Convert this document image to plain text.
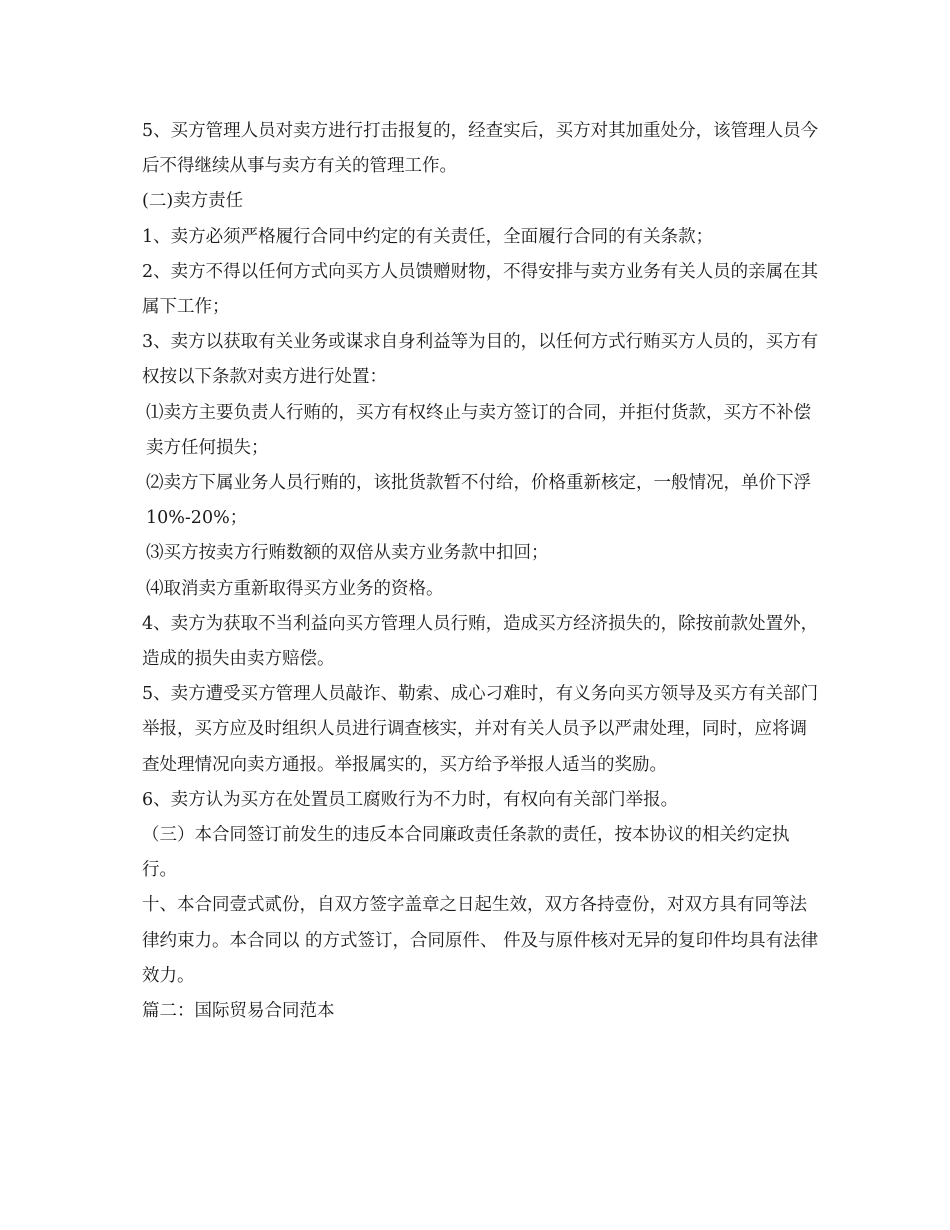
5、买方管理人员对卖方进行打击报复的，经查实后，买方对其加重处分，该管理人员今后不得继续从事与卖方有关的管理工作。

(二)卖方责任

1、卖方必须严格履行合同中约定的有关责任，全面履行合同的有关条款；

2、卖方不得以任何方式向买方人员馈赠财物，不得安排与卖方业务有关人员的亲属在其属下工作；

3、卖方以获取有关业务或谋求自身利益等为目的，以任何方式行贿买方人员的，买方有权按以下条款对卖方进行处置：

⑴卖方主要负责人行贿的，买方有权终止与卖方签订的合同，并拒付货款，买方不补偿卖方任何损失；

⑵卖方下属业务人员行贿的，该批货款暂不付给，价格重新核定，一般情况，单价下浮 10%-20%；

⑶买方按卖方行贿数额的双倍从卖方业务款中扣回；

⑷取消卖方重新取得买方业务的资格。

4、卖方为获取不当利益向买方管理人员行贿，造成买方经济损失的，除按前款处置外，造成的损失由卖方赔偿。

5、卖方遭受买方管理人员敲诈、勒索、成心刁难时，有义务向买方领导及买方有关部门举报，买方应及时组织人员进行调查核实，并对有关人员予以严肃处理，同时，应将调查处理情况向卖方通报。举报属实的，买方给予举报人适当的奖励。

6、卖方认为买方在处置员工腐败行为不力时，有权向有关部门举报。

（三）本合同签订前发生的违反本合同廉政责任条款的责任，按本协议的相关约定执行。

十、本合同壹式贰份，自双方签字盖章之日起生效，双方各持壹份，对双方具有同等法律约束力。本合同以 的方式签订，合同原件、 件及与原件核对无异的复印件均具有法律效力。

篇二：国际贸易合同范本
